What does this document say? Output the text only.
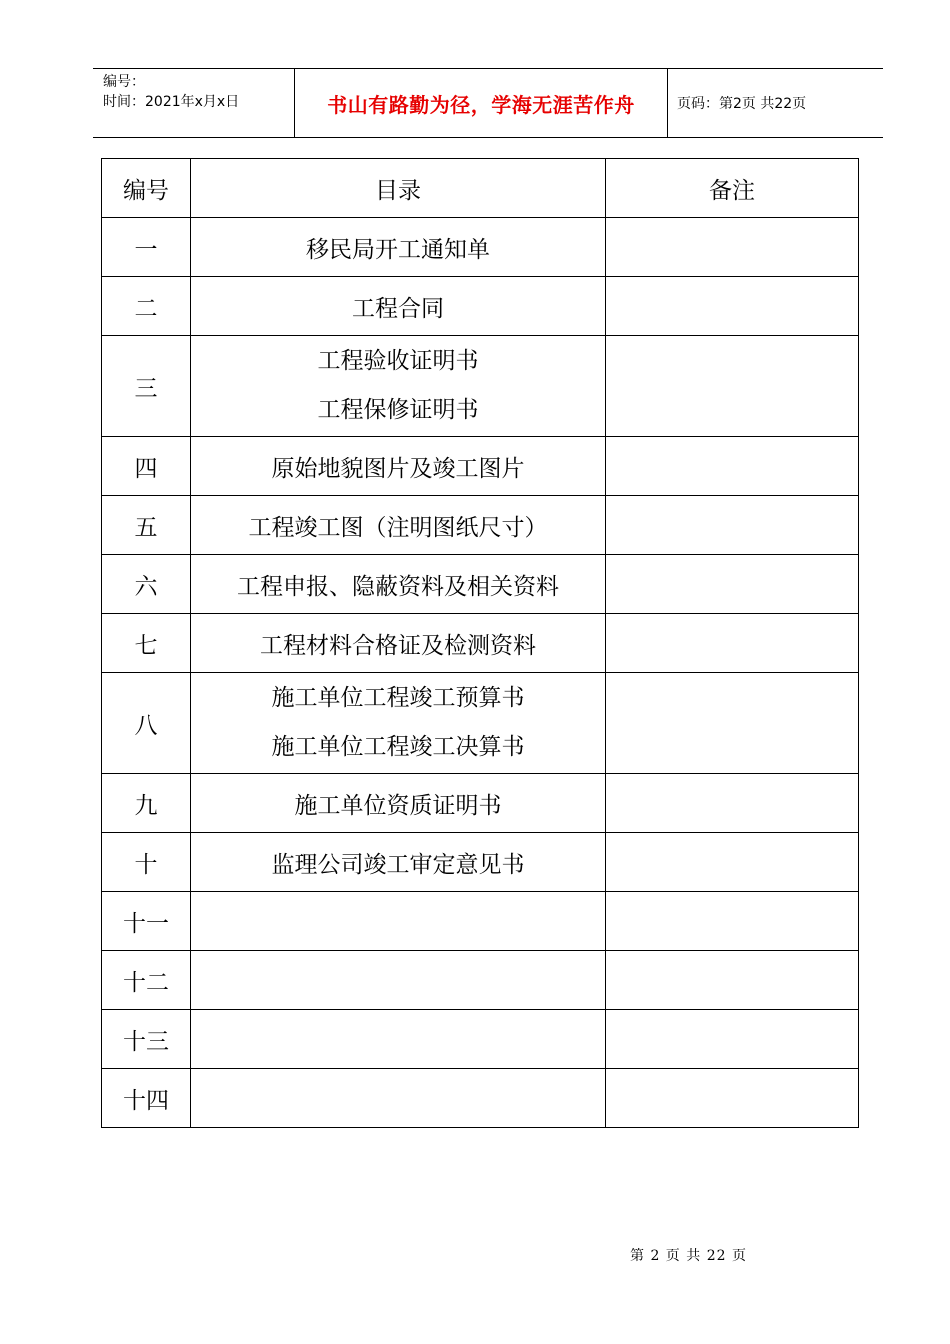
编号：
时间：2021年x月x日	书山有路勤为径，学海无涯苦作舟	页码：第2页 共22页
编号	目录	备注
一	移民局开工通知单	
二	工程合同	
三	工程验收证明书
工程保修证明书	

四	原始地貌图片及竣工图片	
五	工程竣工图（注明图纸尺寸）	
六	工程申报、隐蔽资料及相关资料	
七	工程材料合格证及检测资料	
八	施工单位工程竣工预算书
施工单位工程竣工决算书	

九	施工单位资质证明书	
十	监理公司竣工审定意见书	
十一		
十二		
十三		
十四		
第 2 页 共 22 页
